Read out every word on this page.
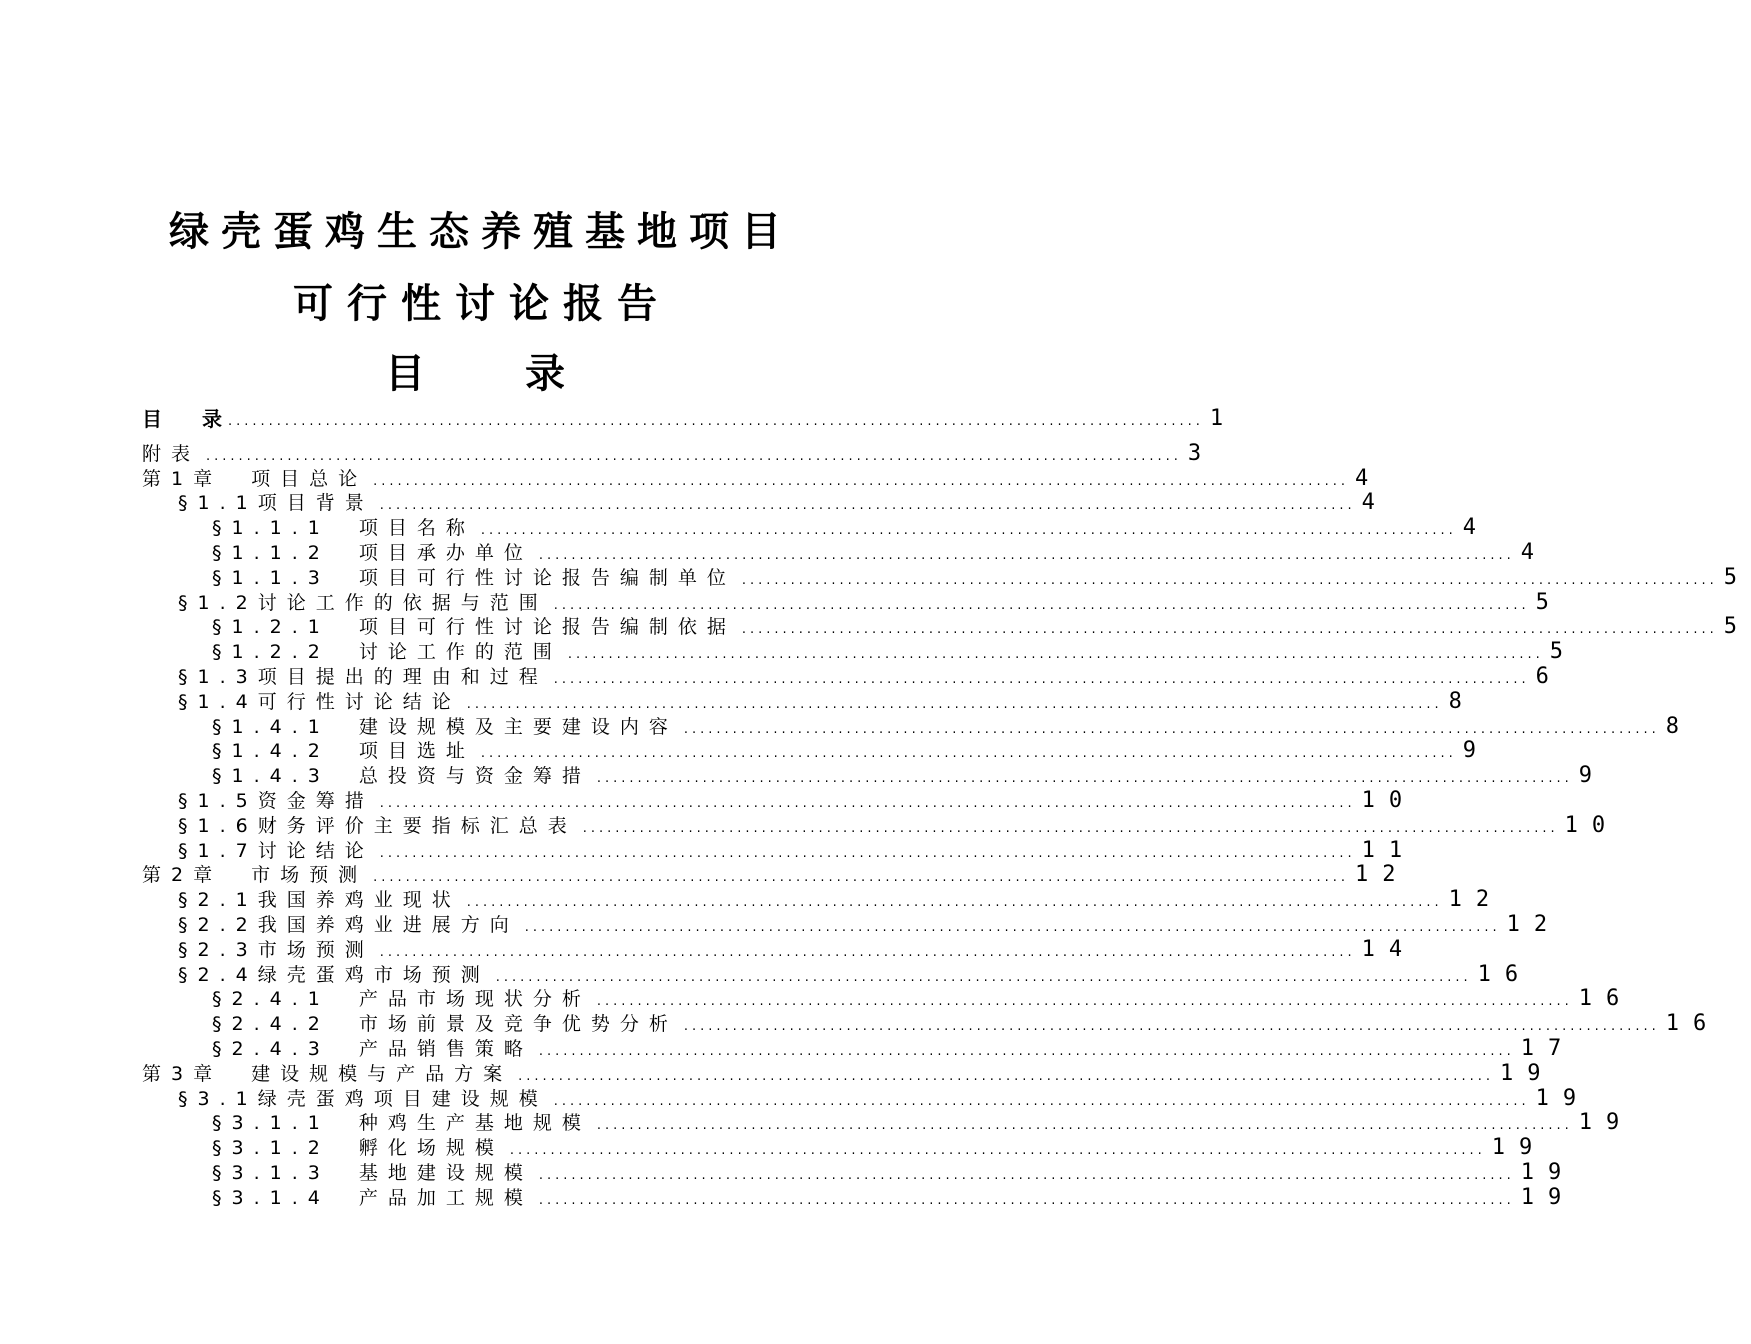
绿壳蛋鸡生态养殖基地项目
可行性讨论报告
目录
目　　录 ........................................................................................................................ 1
附表 ........................................................................................................................ 3
第1章　项目总论 ........................................................................................................................ 4
§1.1项目背景 ........................................................................................................................ 4
§1.1.1　项目名称 ........................................................................................................................ 4
§1.1.2　项目承办单位 ........................................................................................................................ 4
§1.1.3　项目可行性讨论报告编制单位 ........................................................................................................................ 5
§1.2讨论工作的依据与范围 ........................................................................................................................ 5
§1.2.1　项目可行性讨论报告编制依据 ........................................................................................................................ 5
§1.2.2　讨论工作的范围 ........................................................................................................................ 5
§1.3项目提出的理由和过程 ........................................................................................................................ 6
§1.4可行性讨论结论 ........................................................................................................................ 8
§1.4.1　建设规模及主要建设内容 ........................................................................................................................ 8
§1.4.2　项目选址 ........................................................................................................................ 9
§1.4.3　总投资与资金筹措 ........................................................................................................................ 9
§1.5资金筹措 ........................................................................................................................ 10
§1.6财务评价主要指标汇总表 ........................................................................................................................ 10
§1.7讨论结论 ........................................................................................................................ 11
第2章　市场预测 ........................................................................................................................ 12
§2.1我国养鸡业现状 ........................................................................................................................ 12
§2.2我国养鸡业进展方向 ........................................................................................................................ 12
§2.3市场预测 ........................................................................................................................ 14
§2.4绿壳蛋鸡市场预测 ........................................................................................................................ 16
§2.4.1　产品市场现状分析 ........................................................................................................................ 16
§2.4.2　市场前景及竞争优势分析 ........................................................................................................................ 16
§2.4.3　产品销售策略 ........................................................................................................................ 17
第3章　建设规模与产品方案 ........................................................................................................................ 19
§3.1绿壳蛋鸡项目建设规模 ........................................................................................................................ 19
§3.1.1　种鸡生产基地规模 ........................................................................................................................ 19
§3.1.2　孵化场规模 ........................................................................................................................ 19
§3.1.3　基地建设规模 ........................................................................................................................ 19
§3.1.4　产品加工规模 ........................................................................................................................ 19
